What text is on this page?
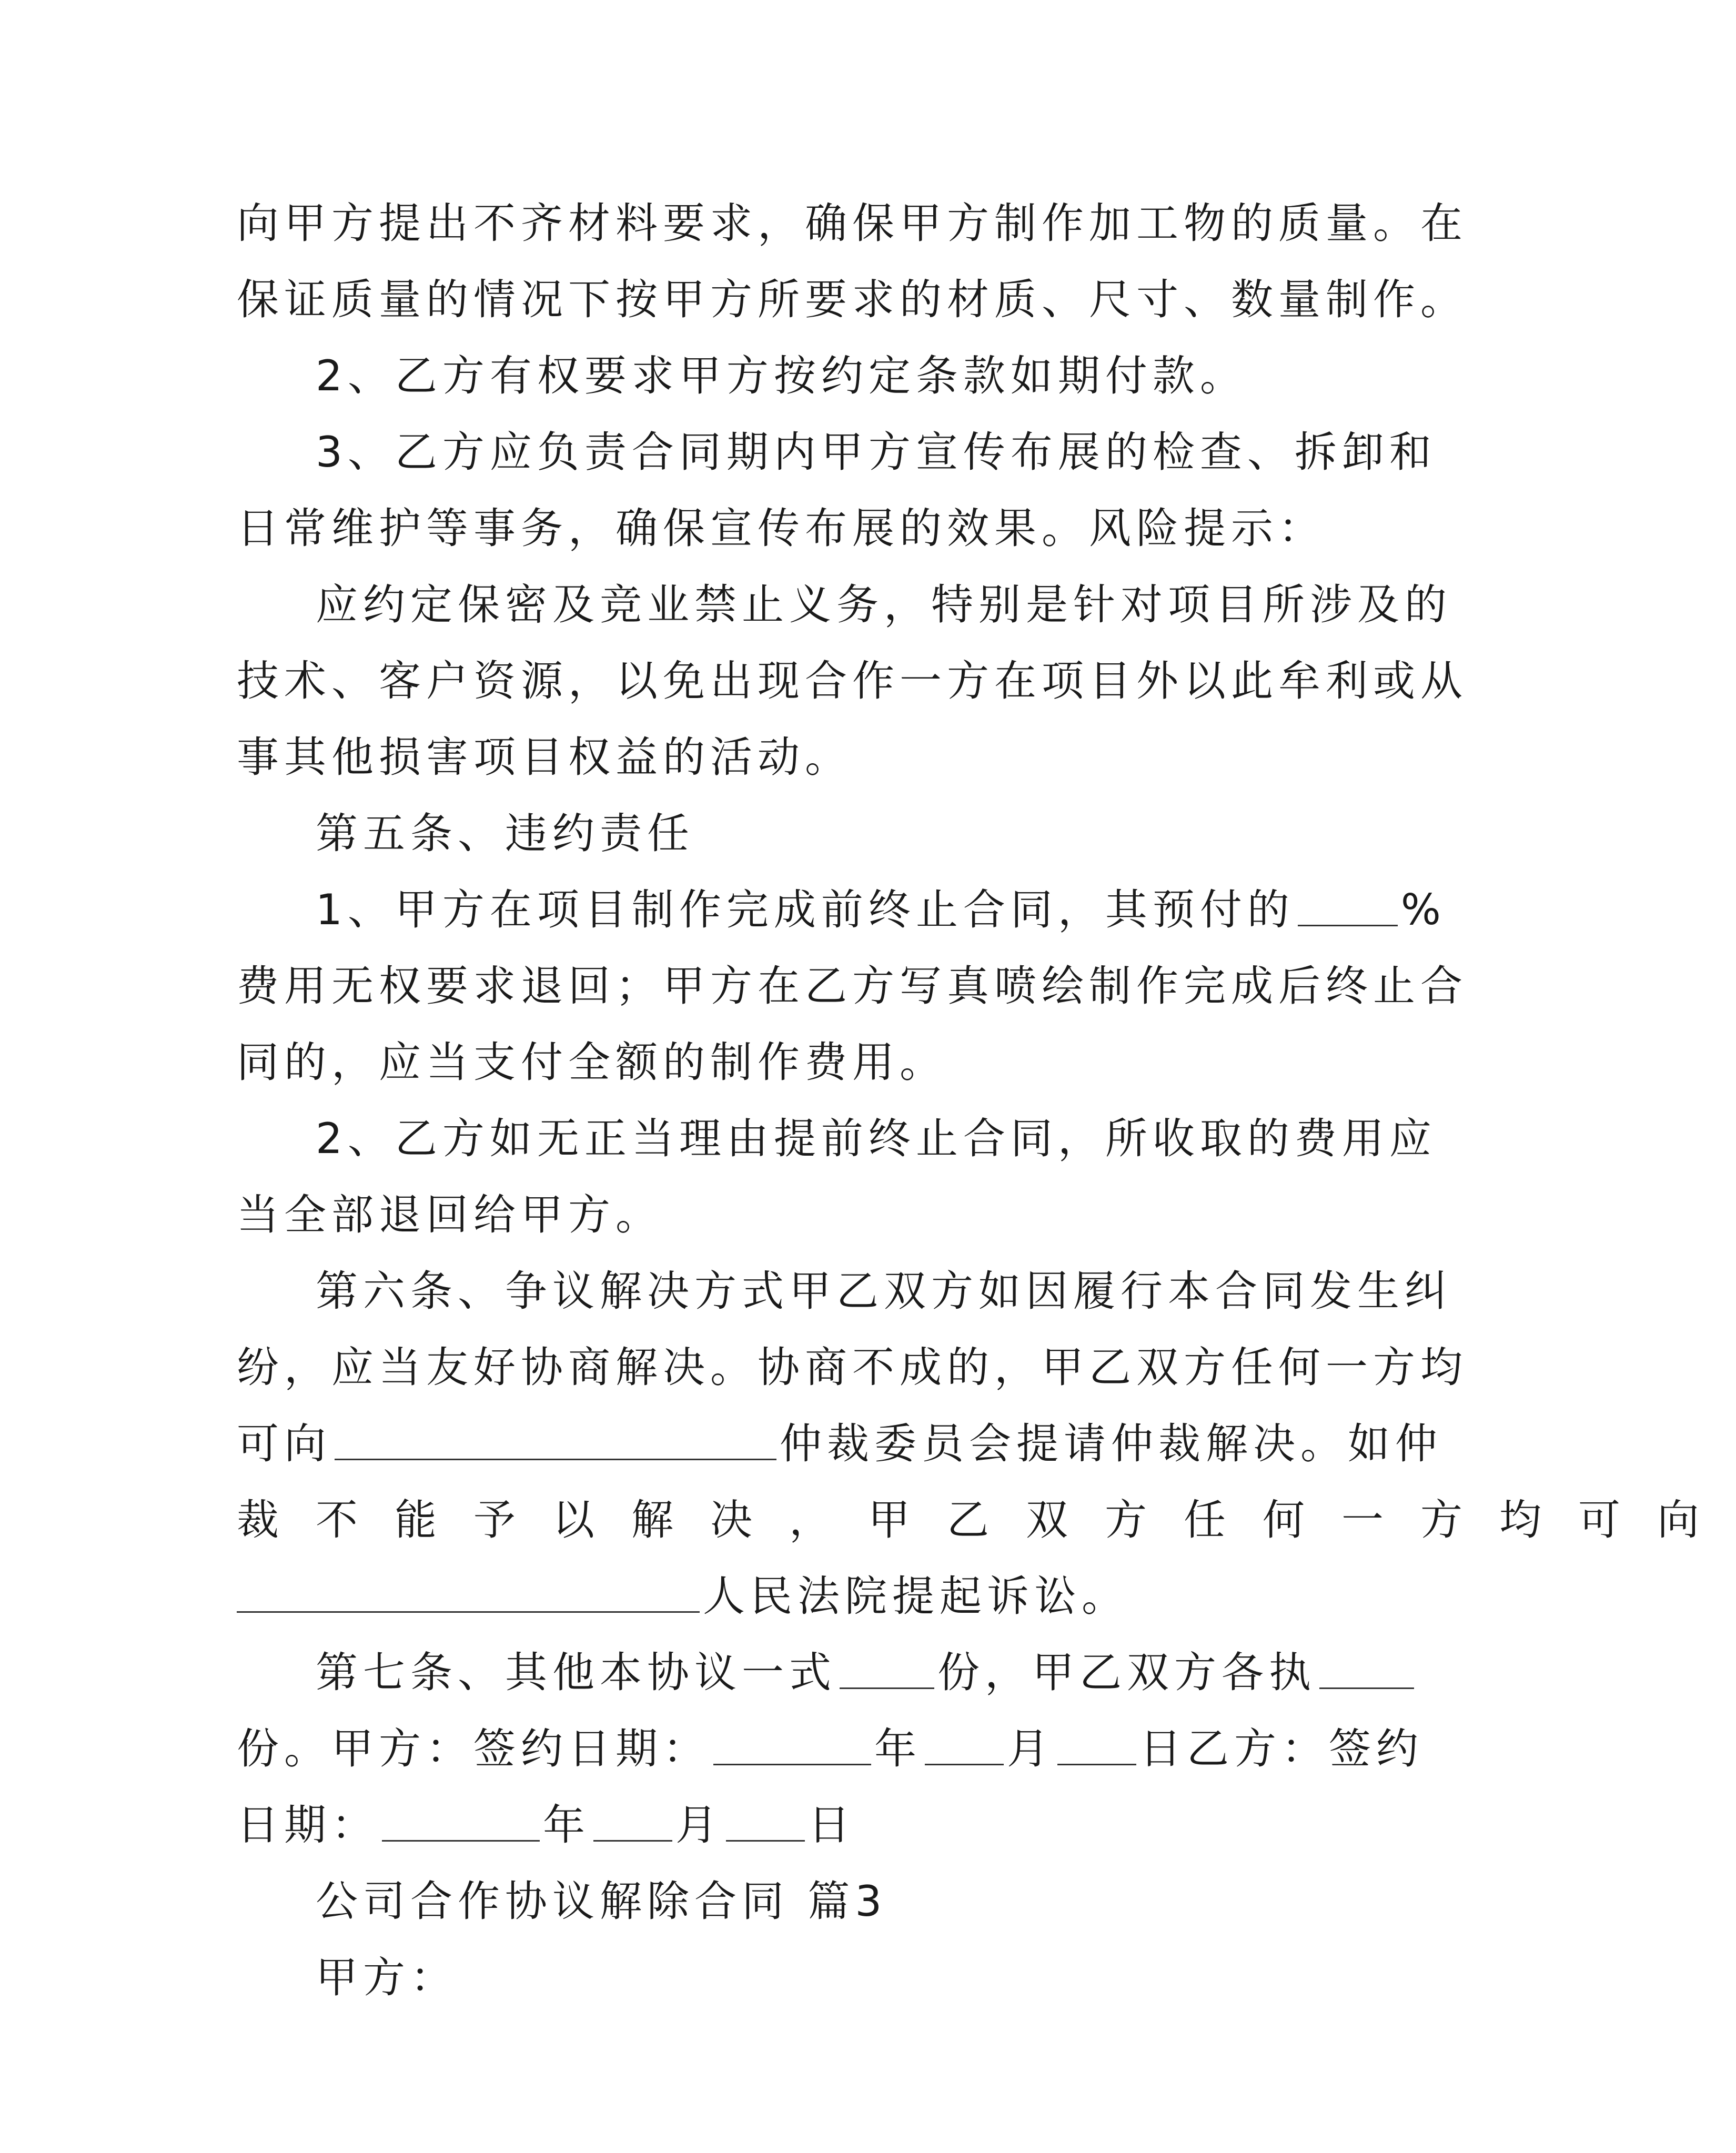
向甲方提出不齐材料要求，确保甲方制作加工物的质量。在
保证质量的情况下按甲方所要求的材质、尺寸、数量制作。
2、乙方有权要求甲方按约定条款如期付款。
3、乙方应负责合同期内甲方宣传布展的检查、拆卸和
日常维护等事务，确保宣传布展的效果。风险提示：
应约定保密及竞业禁止义务，特别是针对项目所涉及的
技术、客户资源，以免出现合作一方在项目外以此牟利或从
事其他损害项目权益的活动。
第五条、违约责任
1、甲方在项目制作完成前终止合同，其预付的	%
费用无权要求退回；甲方在乙方写真喷绘制作完成后终止合
同的，应当支付全额的制作费用。
2、乙方如无正当理由提前终止合同，所收取的费用应
当全部退回给甲方。
第六条、争议解决方式甲乙双方如因履行本合同发生纠
纷，应当友好协商解决。协商不成的，甲乙双方任何一方均
可向	仲裁委员会提请仲裁解决。如仲
裁不能予以解决，甲乙双方任何一方均可向
人民法院提起诉讼。
第七条、其他本协议一式 份，甲乙双方各执
份。甲方：签约日期：	年 月 日乙方：签约
日期：	年 月 日
公司合作协议解除合同 篇3
甲方：
